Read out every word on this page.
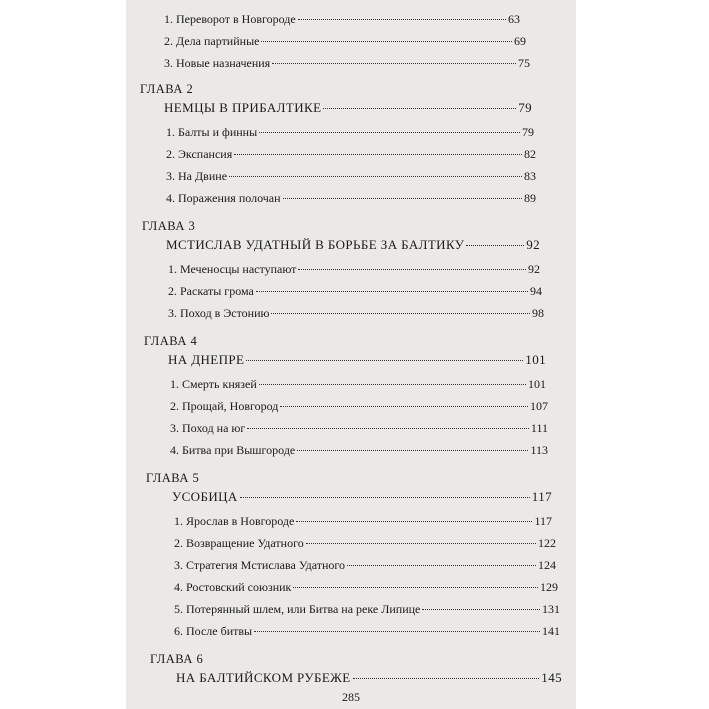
1. Переворот в Новгороде	63
2. Дела партийные	69
3. Новые назначения	75
ГЛАВА 2
НЕМЦЫ В ПРИБАЛТИКЕ	79
1. Балты и финны	79
2. Экспансия	82
3. На Двине	83
4. Поражения полочан	89
ГЛАВА 3
МСТИСЛАВ УДАТНЫЙ В БОРЬБЕ ЗА БАЛТИКУ	92
1. Меченосцы наступают	92
2. Раскаты грома	94
3. Поход в Эстонию	98
ГЛАВА 4
НА ДНЕПРЕ	101
1. Смерть князей	101
2. Прощай, Новгород	107
3. Поход на юг	111
4. Битва при Вышгороде	113
ГЛАВА 5
УСОБИЦА	117
1. Ярослав в Новгороде	117
2. Возвращение Удатного	122
3. Стратегия Мстислава Удатного	124
4. Ростовский союзник	129
5. Потерянный шлем, или Битва на реке Липице	131
6. После битвы	141
ГЛАВА 6
НА БАЛТИЙСКОМ РУБЕЖЕ	145
285
